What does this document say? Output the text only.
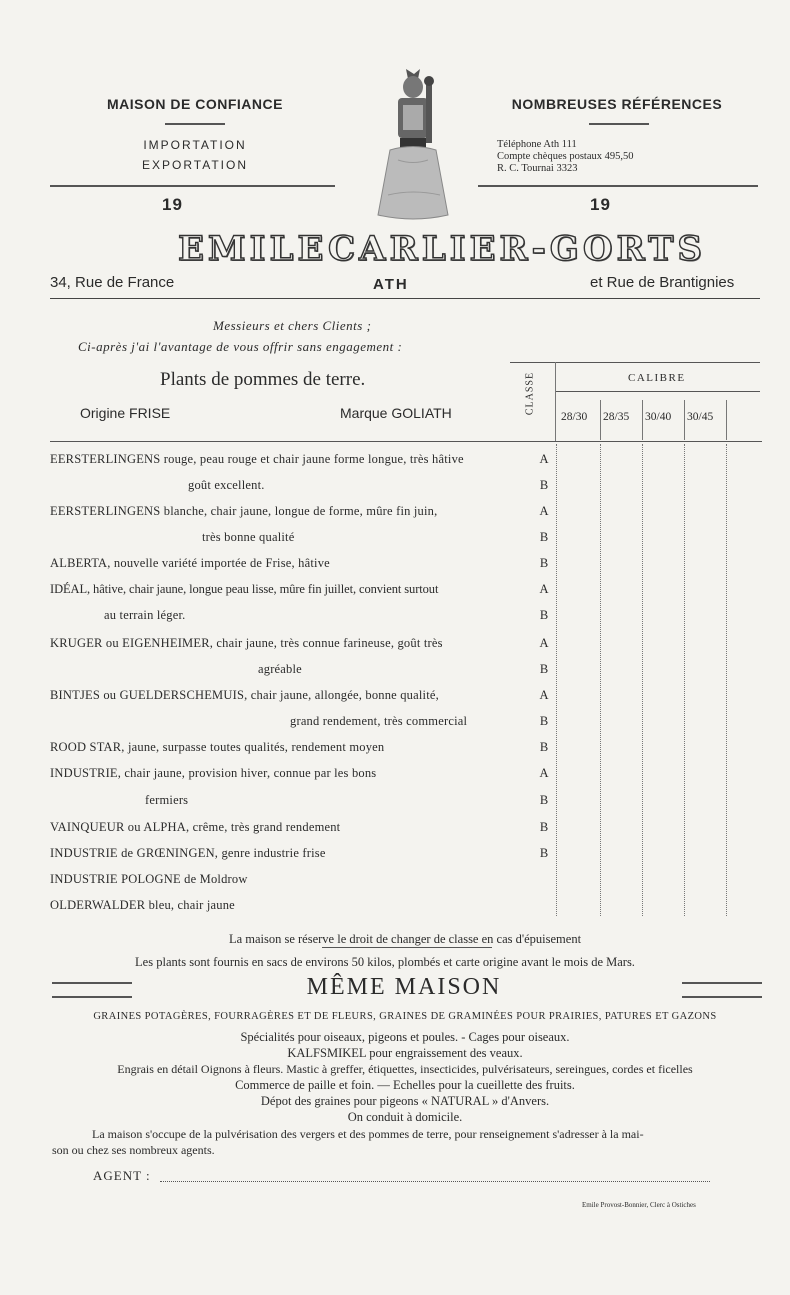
MAISON DE CONFIANCE
IMPORTATION
EXPORTATION
19
NOMBREUSES RÉFÉRENCES
Téléphone Ath 111
Compte chèques postaux 495,50
R. C. Tournai 3323
19
EMILE CARLIER-GORTS
34, Rue de France	ATH	et Rue de Brantignies
Messieurs et chers Clients ;
Ci-après j'ai l'avantage de vous offrir sans engagement :
Plants de pommes de terre.
Origine FRISE	Marque GOLIATH	CLASSE	CALIBRE
28/30 28/35 30/40 30/45
EERSTERLINGENS rouge, peau rouge et chair jaune forme longue, très hâtive	A
goût excellent.	B
EERSTERLINGENS blanche, chair jaune, longue de forme, mûre fin juin,	A
très bonne qualité	B
ALBERTA, nouvelle variété importée de Frise, hâtive	B
IDÉAL, hâtive, chair jaune, longue peau lisse, mûre fin juillet, convient surtout	A
au terrain léger.	B
KRUGER ou EIGENHEIMER, chair jaune, très connue farineuse, goût très	A
agréable	B
BINTJES ou GUELDERSCHEMUIS, chair jaune, allongée, bonne qualité,	A
grand rendement, très commercial	B
ROOD STAR, jaune, surpasse toutes qualités, rendement moyen	B
INDUSTRIE, chair jaune, provision hiver, connue par les bons	A
fermiers	B
VAINQUEUR ou ALPHA, crême, très grand rendement	B
INDUSTRIE de GRŒNINGEN, genre industrie frise	B
INDUSTRIE POLOGNE de Moldrow
OLDERWALDER bleu, chair jaune
La maison se réserve le droit de changer de classe en cas d'épuisement
Les plants sont fournis en sacs de environs 50 kilos, plombés et carte origine avant le mois de Mars.
MÊME MAISON
GRAINES POTAGÈRES, FOURRAGÈRES ET DE FLEURS, GRAINES DE GRAMINÉES POUR PRAIRIES, PATURES ET GAZONS
Spécialités pour oiseaux, pigeons et poules. - Cages pour oiseaux.
KALFSMIKEL pour engraissement des veaux.
Engrais en détail Oignons à fleurs. Mastic à greffer, étiquettes, insecticides, pulvérisateurs, sereingues, cordes et ficelles
Commerce de paille et foin. — Echelles pour la cueillette des fruits.
Dépot des graines pour pigeons « NATURAL » d'Anvers.
On conduit à domicile.
La maison s'occupe de la pulvérisation des vergers et des pommes de terre, pour renseignement s'adresser à la mai-
son ou chez ses nombreux agents.
AGENT :
Emile Provost-Bonnier, Clerc à Ostiches
